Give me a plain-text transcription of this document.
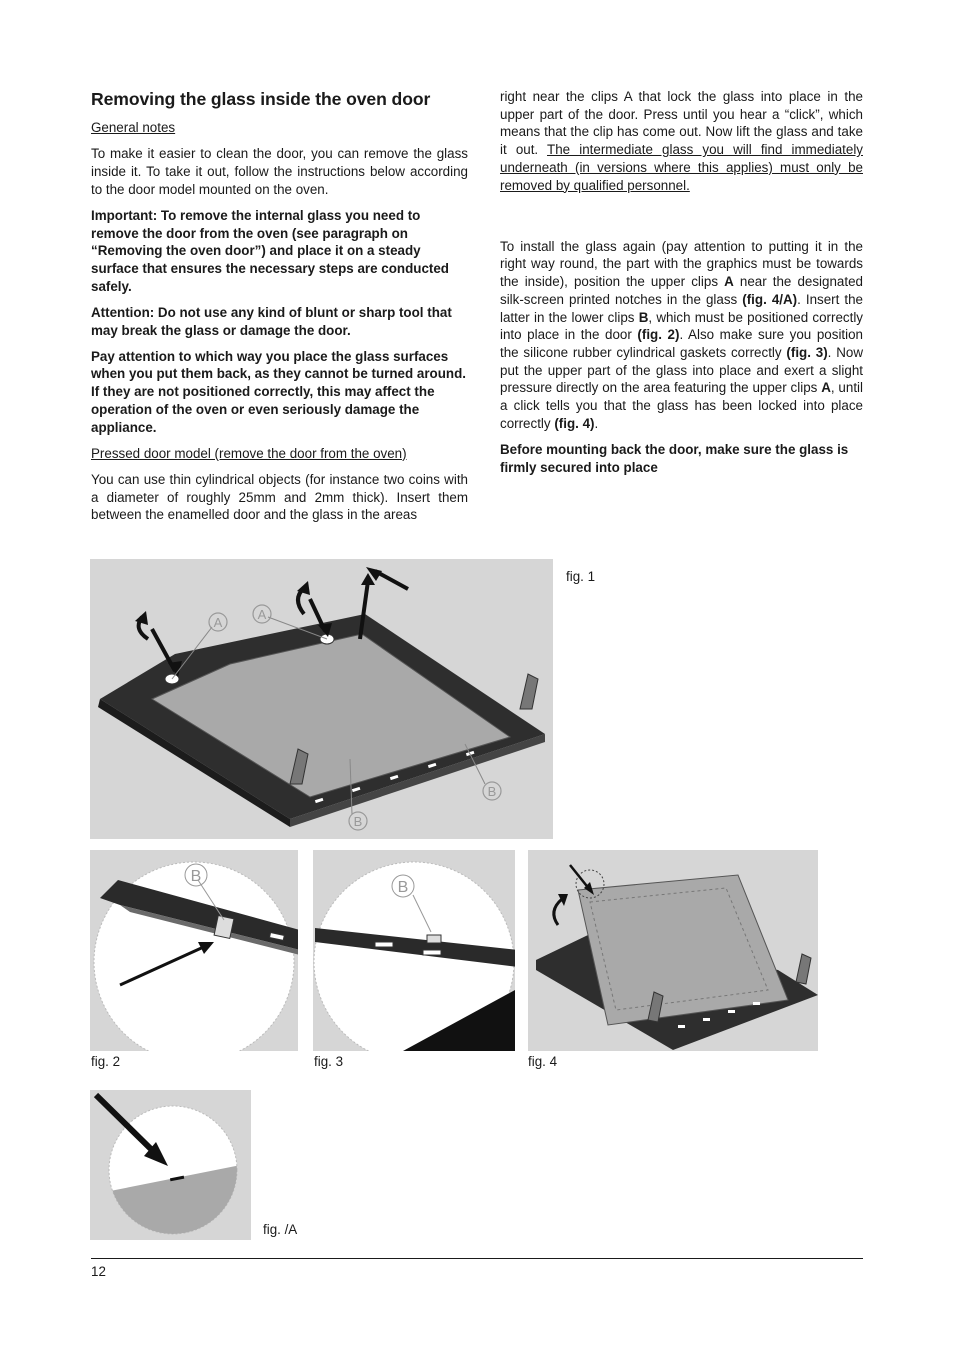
Removing the glass inside the oven door

General notes

To make it easier to clean the door, you can remove the glass inside it. To take it out, follow the instructions below according to the door model mounted on the oven.

Important: To remove the internal glass you need to remove the door from the oven (see paragraph on “Removing the oven door”) and place it on a steady surface that ensures the necessary steps are conducted safely.

Attention: Do not use any kind of blunt or sharp tool that may break the glass or damage the door.

Pay attention to which way you place the glass surfaces when you put them back, as they cannot be turned around. If they are not positioned correctly, this may affect the operation of the oven or even seriously damage the appliance.

Pressed door model (remove the door from the oven)

You can use thin cylindrical objects (for instance two coins with a diameter of roughly 25mm and 2mm thick). Insert them between the enamelled door and the glass in the areas

right near the clips A that lock the glass into place in the upper part of the door. Press until you hear a “click”, which means that the clip has come out. Now lift the glass and take it out. The intermediate glass you will find immediately underneath (in versions where this applies) must only be removed by qualified personnel.

To install the glass again (pay attention to putting it in the right way round, the part with the graphics must be towards the inside), position the upper clips A near the designated silk-screen printed notches in the glass (fig. 4/A). Insert the latter in the lower clips B, which must be positioned correctly into place in the door (fig. 2). Also make sure you position the silicone rubber cylindrical gaskets correctly (fig. 3). Now put the upper part of the glass into place and exert a slight pressure directly on the area featuring the upper clips A, until a click tells you that the glass has been locked into place correctly (fig. 4).

Before mounting back the door, make sure the glass is firmly secured into place

A
A
B
B
fig. 1
B
fig. 2
B
fig. 3	fig. 4
fig. /A
12
